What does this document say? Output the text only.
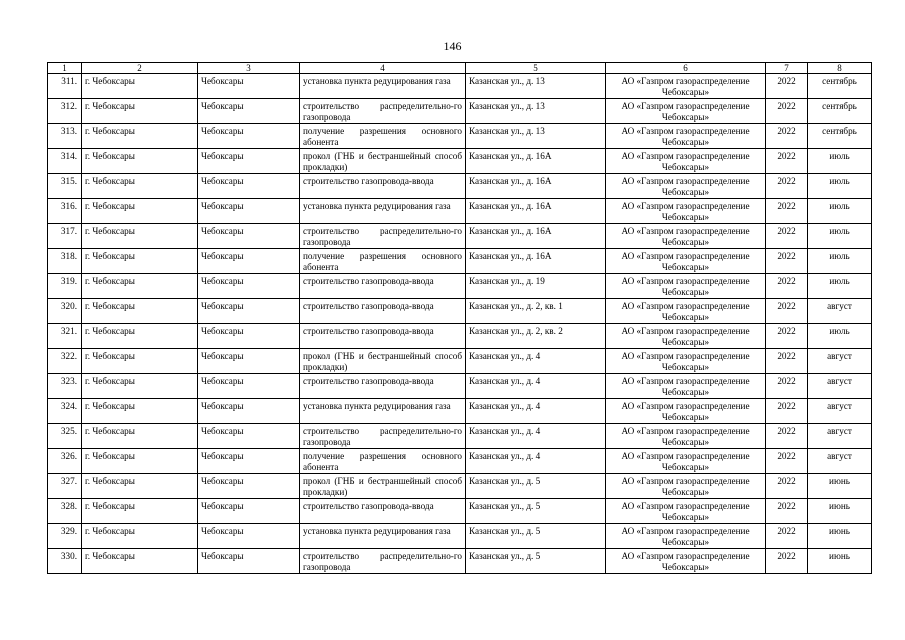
146
1	2	3	4	5	6	7	8
311.	г. Чебоксары	Чебоксары	установка пункта редуцирования газа	Казанская ул., д. 13	АО «Газпром газораспределение Чебоксары»	2022	сентябрь
312.	г. Чебоксары	Чебоксары	строительство распределительно-го газопровода	Казанская ул., д. 13	АО «Газпром газораспределение Чебоксары»	2022	сентябрь
313.	г. Чебоксары	Чебоксары	получение разрешения основного абонента	Казанская ул., д. 13	АО «Газпром газораспределение Чебоксары»	2022	сентябрь
314.	г. Чебоксары	Чебоксары	прокол (ГНБ и бестраншейный способ прокладки)	Казанская ул., д. 16А	АО «Газпром газораспределение Чебоксары»	2022	июль
315.	г. Чебоксары	Чебоксары	строительство газопровода-ввода	Казанская ул., д. 16А	АО «Газпром газораспределение Чебоксары»	2022	июль
316.	г. Чебоксары	Чебоксары	установка пункта редуцирования газа	Казанская ул., д. 16А	АО «Газпром газораспределение Чебоксары»	2022	июль
317.	г. Чебоксары	Чебоксары	строительство распределительно-го газопровода	Казанская ул., д. 16А	АО «Газпром газораспределение Чебоксары»	2022	июль
318.	г. Чебоксары	Чебоксары	получение разрешения основного абонента	Казанская ул., д. 16А	АО «Газпром газораспределение Чебоксары»	2022	июль
319.	г. Чебоксары	Чебоксары	строительство газопровода-ввода	Казанская ул., д. 19	АО «Газпром газораспределение Чебоксары»	2022	июль
320.	г. Чебоксары	Чебоксары	строительство газопровода-ввода	Казанская ул., д. 2, кв. 1	АО «Газпром газораспределение Чебоксары»	2022	август
321.	г. Чебоксары	Чебоксары	строительство газопровода-ввода	Казанская ул., д. 2, кв. 2	АО «Газпром газораспределение Чебоксары»	2022	июль
322.	г. Чебоксары	Чебоксары	прокол (ГНБ и бестраншейный способ прокладки)	Казанская ул., д. 4	АО «Газпром газораспределение Чебоксары»	2022	август
323.	г. Чебоксары	Чебоксары	строительство газопровода-ввода	Казанская ул., д. 4	АО «Газпром газораспределение Чебоксары»	2022	август
324.	г. Чебоксары	Чебоксары	установка пункта редуцирования газа	Казанская ул., д. 4	АО «Газпром газораспределение Чебоксары»	2022	август
325.	г. Чебоксары	Чебоксары	строительство распределительно-го газопровода	Казанская ул., д. 4	АО «Газпром газораспределение Чебоксары»	2022	август
326.	г. Чебоксары	Чебоксары	получение разрешения основного абонента	Казанская ул., д. 4	АО «Газпром газораспределение Чебоксары»	2022	август
327.	г. Чебоксары	Чебоксары	прокол (ГНБ и бестраншейный способ прокладки)	Казанская ул., д. 5	АО «Газпром газораспределение Чебоксары»	2022	июнь
328.	г. Чебоксары	Чебоксары	строительство газопровода-ввода	Казанская ул., д. 5	АО «Газпром газораспределение Чебоксары»	2022	июнь
329.	г. Чебоксары	Чебоксары	установка пункта редуцирования газа	Казанская ул., д. 5	АО «Газпром газораспределение Чебоксары»	2022	июнь
330.	г. Чебоксары	Чебоксары	строительство распределительно-го газопровода	Казанская ул., д. 5	АО «Газпром газораспределение Чебоксары»	2022	июнь
